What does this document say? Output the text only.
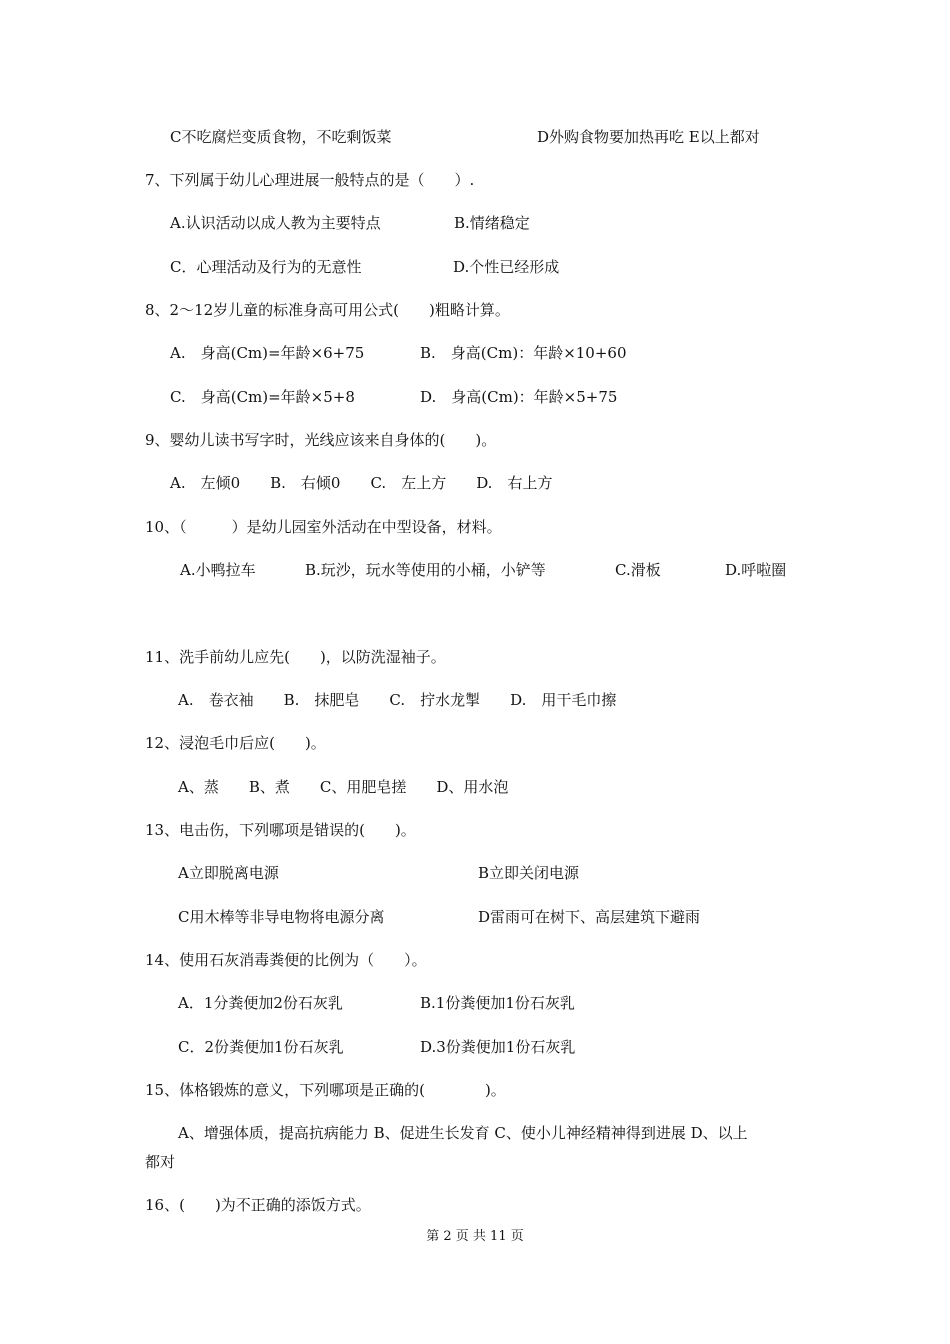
C不吃腐烂变质食物，不吃剩饭菜	D外购食物要加热再吃 E以上都对
7、下列属于幼儿心理进展一般特点的是（　　）.
A.认识活动以成人教为主要特点	B.情绪稳定
C．心理活动及行为的无意性	D.个性已经形成
8、2～12岁儿童的标准身高可用公式(　　)粗略计算。
A.　身高(Cm)=年龄×6+75	B.　身高(Cm)：年龄×10+60
C.　身高(Cm)=年龄×5+8	D.　身高(Cm)：年龄×5+75
9、婴幼儿读书写字时，光线应该来自身体的(　　)。
A.　左倾0　　B.　右倾0　　C.　左上方　　D.　右上方
10、（　　　）是幼儿园室外活动在中型设备，材料。
A.小鸭拉车	B.玩沙，玩水等使用的小桶，小铲等	C.滑板	D.呼啦圈
11、洗手前幼儿应先(　　)，以防洗湿袖子。
A.　卷衣袖　　B.　抹肥皂　　C.　拧水龙掣　　D.　用干毛巾擦
12、浸泡毛巾后应(　　)。
A、蒸　　B、煮　　C、用肥皂搓　　D、用水泡
13、电击伤，下列哪项是错误的(　　)。
A立即脱离电源	B立即关闭电源
C用木棒等非导电物将电源分离	D雷雨可在树下、高层建筑下避雨
14、使用石灰消毒粪便的比例为（　　）。
A．1分粪便加2份石灰乳	B.1份粪便加1份石灰乳
C．2份粪便加1份石灰乳	D.3份粪便加1份石灰乳
15、体格锻炼的意义，下列哪项是正确的(　　　　)。
A、增强体质，提高抗病能力 B、促进生长发育 C、使小儿神经精神得到进展 D、以上
都对
16、(　　)为不正确的添饭方式。
第 2 页 共 11 页
